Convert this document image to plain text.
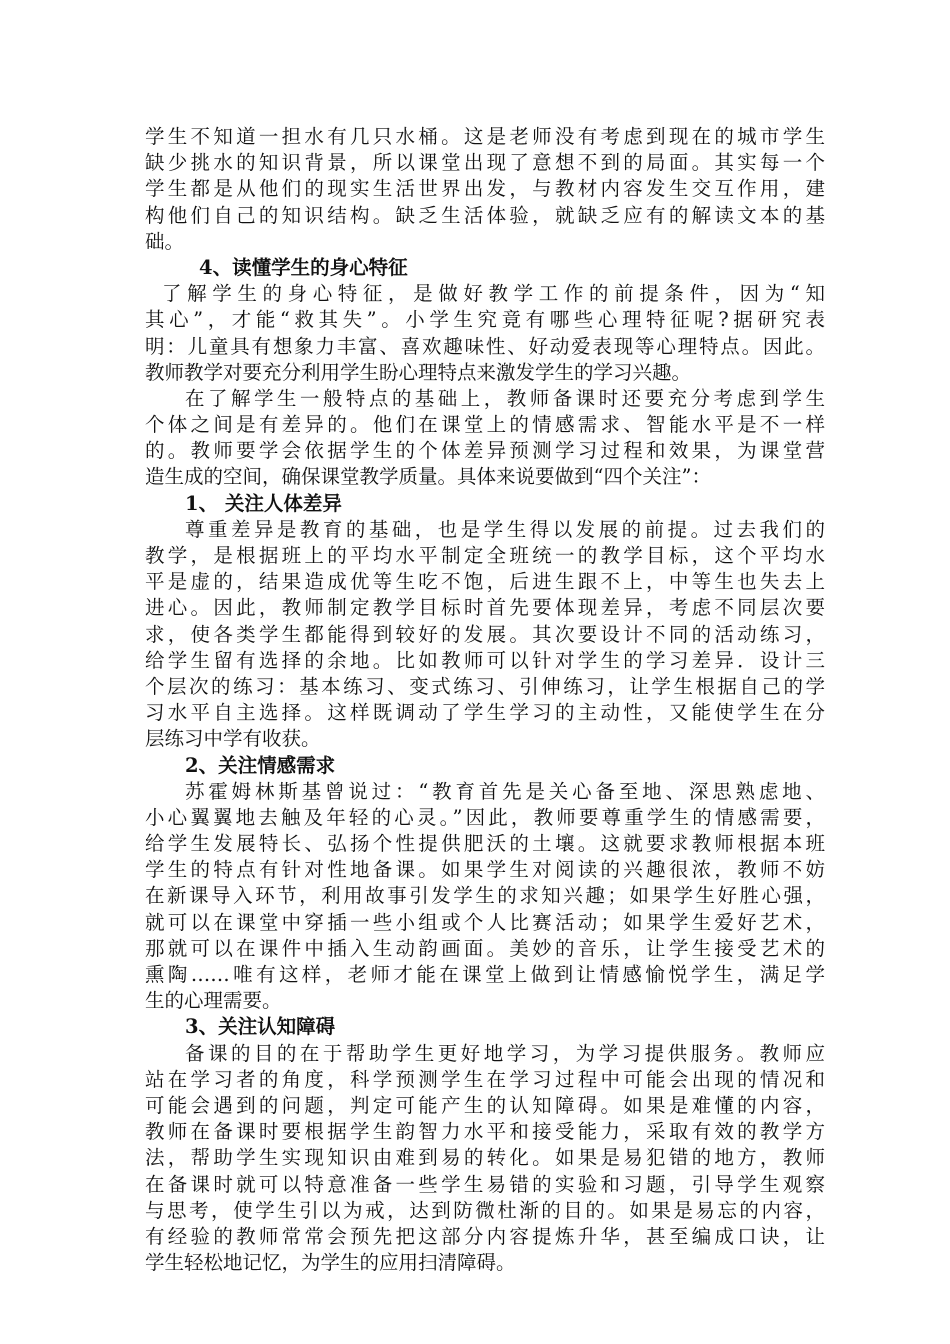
学生不知道一担水有几只水桶。这是老师没有考虑到现在的城市学生
缺少挑水的知识背景，所以课堂出现了意想不到的局面。其实每一个
学生都是从他们的现实生活世界出发，与教材内容发生交互作用，建
构他们自己的知识结构。缺乏生活体验，就缺乏应有的解读文本的基
础。
4、读懂学生的身心特征
了解学生的身心特征，是做好教学工作的前提条件，因为“知
其心”，才能“救其失”。小学生究竟有哪些心理特征呢?据研究表
明：儿童具有想象力丰富、喜欢趣味性、好动爱表现等心理特点。因此。
教师教学对要充分利用学生盼心理特点来激发学生的学习兴趣。
在了解学生一般特点的基础上，教师备课时还要充分考虑到学生
个体之间是有差异的。他们在课堂上的情感需求、智能水平是不一样
的。教师要学会依据学生的个体差异预测学习过程和效果，为课堂营
造生成的空间，确保课堂教学质量。具体来说要做到“四个关注”：
1、 关注人体差异
尊重差异是教育的基础，也是学生得以发展的前提。过去我们的
教学，是根据班上的平均水平制定全班统一的教学目标，这个平均水
平是虚的，结果造成优等生吃不饱，后进生跟不上，中等生也失去上
进心。因此，教师制定教学目标时首先要体现差异，考虑不同层次要
求，使各类学生都能得到较好的发展。其次要设计不同的活动练习，
给学生留有选择的余地。比如教师可以针对学生的学习差异．设计三
个层次的练习：基本练习、变式练习、引伸练习，让学生根据自己的学
习水平自主选择。这样既调动了学生学习的主动性，又能使学生在分
层练习中学有收获。
2、关注情感需求
苏霍姆林斯基曾说过：“教育首先是关心备至地、深思熟虑地、
小心翼翼地去触及年轻的心灵。”因此，教师要尊重学生的情感需要，
给学生发展特长、弘扬个性提供肥沃的土壤。这就要求教师根据本班
学生的特点有针对性地备课。如果学生对阅读的兴趣很浓，教师不妨
在新课导入环节，利用故事引发学生的求知兴趣；如果学生好胜心强，
就可以在课堂中穿插一些小组或个人比赛活动；如果学生爱好艺术，
那就可以在课件中插入生动韵画面。美妙的音乐，让学生接受艺术的
熏陶……唯有这样，老师才能在课堂上做到让情感愉悦学生，满足学
生的心理需要。
3、关注认知障碍
备课的目的在于帮助学生更好地学习，为学习提供服务。教师应
站在学习者的角度，科学预测学生在学习过程中可能会出现的情况和
可能会遇到的问题，判定可能产生的认知障碍。如果是难懂的内容，
教师在备课时要根据学生韵智力水平和接受能力，采取有效的教学方
法，帮助学生实现知识由难到易的转化。如果是易犯错的地方，教师
在备课时就可以特意准备一些学生易错的实验和习题，引导学生观察
与思考，使学生引以为戒，达到防微杜渐的目的。如果是易忘的内容，
有经验的教师常常会预先把这部分内容提炼升华，甚至编成口诀，让
学生轻松地记忆，为学生的应用扫清障碍。
